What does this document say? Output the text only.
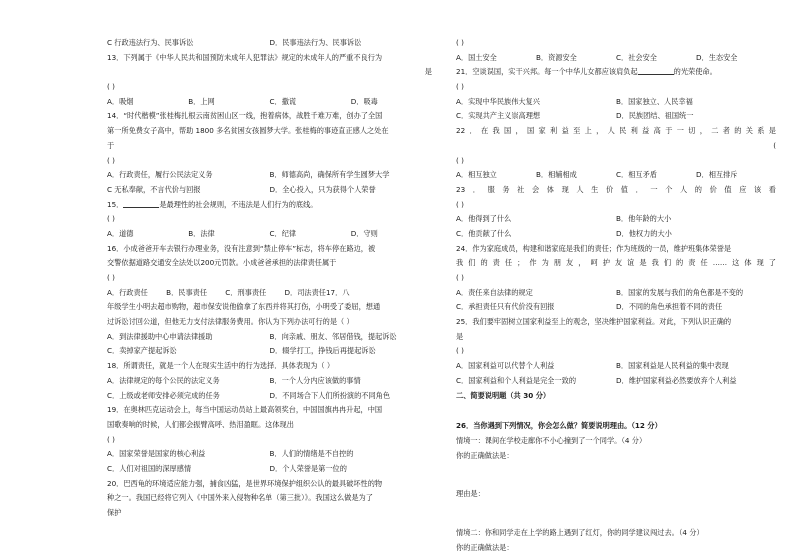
C 行政违法行为、民事诉讼	D．民事违法行为、民事诉讼
13．下列属于《中华人民共和国预防未成年人犯罪法》规定的未成年人的严重不良行为
是
( )
A．吸烟	B．上网	C．撒谎	D．吸毒
14．“时代楷模”张桂梅扎根云南贫困山区一线，抱着病体，战胜千难万难，创办了全国
第一所免费女子高中，帮助 1800 多名贫困女孩圆梦大学。张桂梅的事迹直正感人之处在
于
( )
A．行政责任，履行公民法定义务	B．师德高尚，确保所有学生圆梦大学
C 无私奉献，不言代价与回报	D．全心投入，只为获得个人荣誉
15．	是最理性的社会规则，不违法是人们行为的底线。
( )
A．道德	B．法律	C．纪律	D．守则
16．小成爸爸开车去银行办理业务，没有注意到“禁止停车”标志，将车停在路边，被
交警依据道路交通安全法处以200元罚款。小成爸爸承担的法律责任属于
( )
A．行政责任        B．民事责任        C．刑事责任        D．司法责任17．八
年级学生小明去超市购物，超市保安说他偷拿了东西并将其打伤，小明受了委屈，想通
过诉讼讨回公道，但他无力支付法律服务费用。你认为下列办法可行的是（ ）
A．到法律援助中心申请法律援助	B．向亲戚、朋友、邻居借钱，提起诉讼
C．卖掉家产提起诉讼	D．辍学打工，挣钱后再提起诉讼
18．所谓责任，就是一个人在现实生活中的行为选择．具体表现为（ ）
A．法律规定的每个公民的法定义务	B．一个人分内应该做的事情
C．上级或老师安排必须完成的任务	D．不同场合下人们所扮演的不同角色
19．在奥林匹克运动会上，每当中国运动员站上最高领奖台，中国国旗冉冉升起，中国
国歌奏响的时候，人们都会振臂高呼、热泪盈眶。这体现出
( )
A．国家荣誉是国家的核心利益	B．人们的情绪是不自控的
C．人们对祖国的深厚感情	D．个人荣誉是第一位的
20．巴西龟的环境适应能力强，捕食凶猛，是世界环境保护组织公认的最具破坏性的物
种之一。我国已经将它列入《中国外来入侵物种名单（第三批）》。我国这么做是为了
保护
( )
A．国土安全	B．资源安全	C．社会安全	D．生态安全
21．空谈误国，实干兴邦。每一个中华儿女都应该肩负起	的光荣使命。
( )
A．实现中华民族伟大复兴	B．国家独立、人民幸福
C．实现共产主义崇高理想	D．民族团结、祖国统一
22．在我国，国家利益至上，人民利益高于一切，二者的关系是
(
( )
A．相互独立	B．相辅相成	C．相互矛盾	D．相互排斥
23．服务社会体现人生价值．一个人的价值应该看
( )
A．他得到了什么	B．他年龄的大小
C．他贡献了什么	D．他权力的大小
24．作为家庭成员，构建和谐家庭是我们的责任；作为班级的一员，维护班集体荣誉是
我们的责任；作为朋友，呵护友谊是我们的责任……这体现了
( )
A．责任来自法律的规定	B．国家的发展与我们的角色都是不变的
C．承担责任只有代价没有回报	D．不同的角色承担着不同的责任
25．我们要牢固树立国家利益至上的观念，坚决维护国家利益。对此，下列认识正确的
是
( )
A．国家利益可以代替个人利益	B．国家利益是人民利益的集中表现
C．国家利益和个人利益是完全一致的	D．维护国家利益必然要放弃个人利益
二、简要说明题（共 30 分）
26．当你遇到下列情况，你会怎么做？简要说明理由。（12 分）
情境一：课间在学校走廊你不小心撞到了一个同学。（4 分）
你的正确做法是：
理由是：
情境二：你和同学走在上学的路上遇到了红灯，你的同学建议闯过去。（4 分）
你的正确做法是：
